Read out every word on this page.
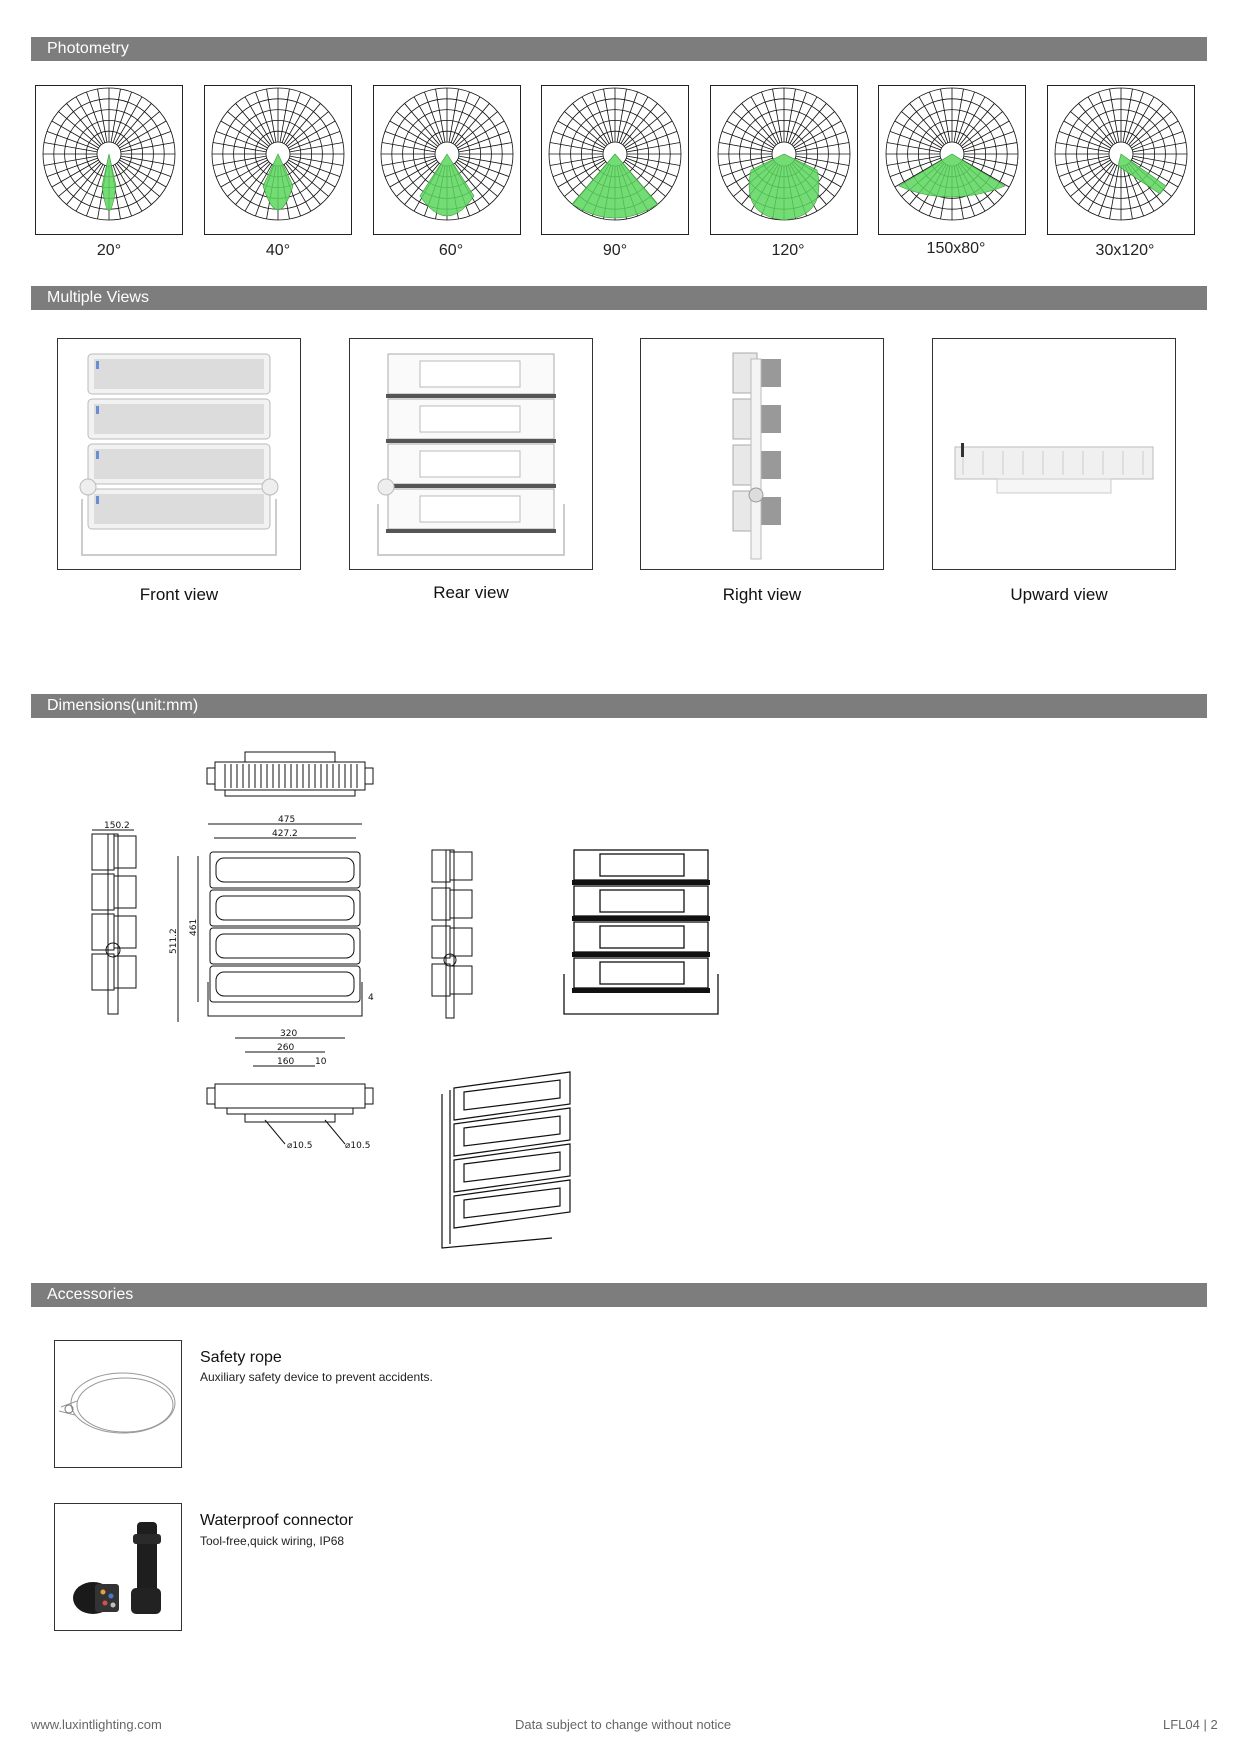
Photometry
20°	40°	60°	90°	120°	150x80°	30x120°
Multiple Views
Front view	Rear view	Right view	Upward view
Dimensions(unit:mm)
150.2
475
427.2
511.2
461
4
320
260
160 10
⌀10.5	⌀10.5
Accessories
Safety rope
Auxiliary safety device to prevent accidents.
Waterproof connector
Tool-free,quick wiring, IP68
www.luxintlighting.com	Data subject to change without notice	LFL04 | 2
